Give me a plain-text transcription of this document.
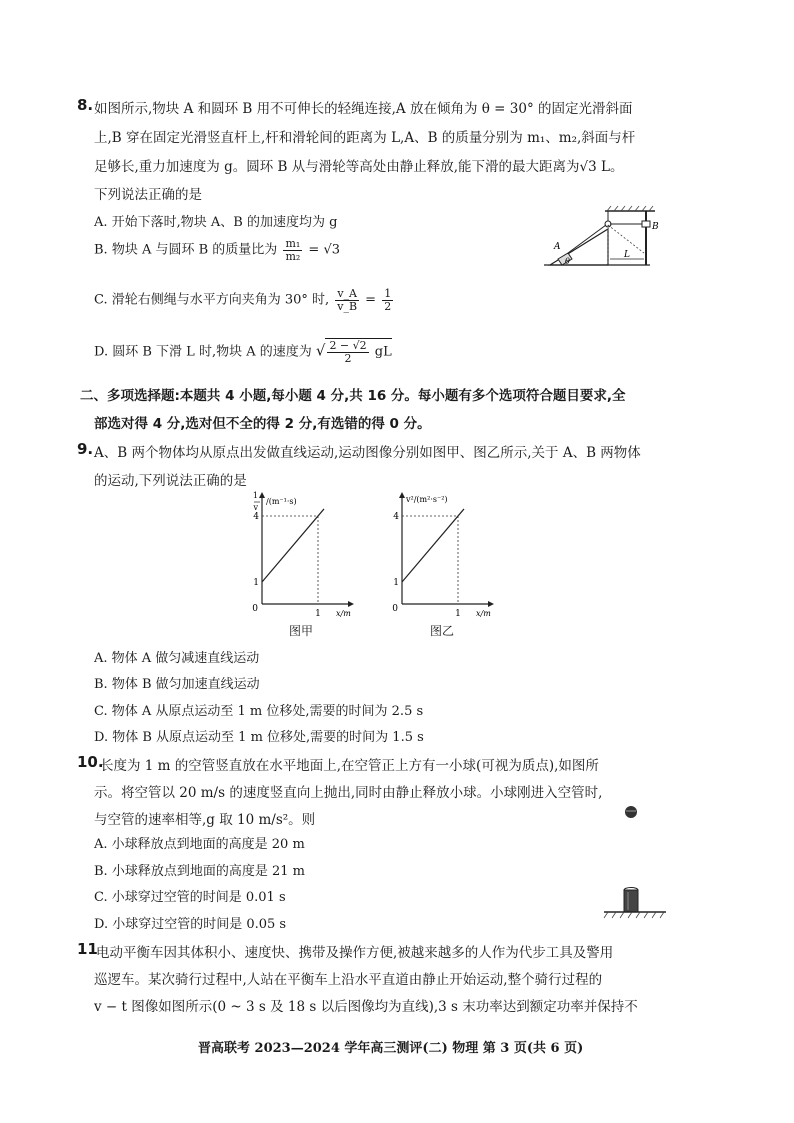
8. 如图所示,物块 A 和圆环 B 用不可伸长的轻绳连接,A 放在倾角为 θ = 30° 的固定光滑斜面
上,B 穿在固定光滑竖直杆上,杆和滑轮间的距离为 L,A、B 的质量分别为 m₁、m₂,斜面与杆
足够长,重力加速度为 g。圆环 B 从与滑轮等高处由静止释放,能下滑的最大距离为√3 L。
下列说法正确的是
A. 开始下落时,物块 A、B 的加速度均为 g
B. 物块 A 与圆环 B 的质量比为 $\frac{\text{m₁}}{\text{m₂}} = √3$
C. 滑轮右侧绳与水平方向夹角为 30° 时, $\frac{v\_A}{v\_B} = \frac{1}{2}$
D. 圆环 B 下滑 L 时,物块 A 的速度为 √ $\frac{2 - √2}{2}$ gL
A
B
θ
L
二、多项选择题:本题共 4 小题,每小题 4 分,共 16 分。每小题有多个选项符合题目要求,全
部选对得 4 分,选对但不全的得 2 分,有选错的得 0 分。
9. A、B 两个物体均从原点出发做直线运动,运动图像分别如图甲、图乙所示,关于 A、B 两物体
的运动,下列说法正确的是
4
1
1
1
v
/(m⁻¹·s)
0	x/m
图甲
4
1
1
v²/(m²·s⁻²)
0	x/m
图乙
A. 物体 A 做匀减速直线运动
B. 物体 B 做匀加速直线运动
C. 物体 A 从原点运动至 1 m 位移处,需要的时间为 2.5 s
D. 物体 B 从原点运动至 1 m 位移处,需要的时间为 1.5 s
10.
长度为 1 m 的空管竖直放在水平地面上,在空管正上方有一小球(可视为质点),如图所
示。将空管以 20 m/s 的速度竖直向上抛出,同时由静止释放小球。小球刚进入空管时,
与空管的速率相等,g 取 10 m/s²。则
A. 小球释放点到地面的高度是 20 m
B. 小球释放点到地面的高度是 21 m
C. 小球穿过空管的时间是 0.01 s
D. 小球穿过空管的时间是 0.05 s
11
电动平衡车因其体积小、速度快、携带及操作方便,被越来越多的人作为代步工具及警用
巡逻车。某次骑行过程中,人站在平衡车上沿水平直道由静止开始运动,整个骑行过程的
v − t 图像如图所示(0 ~ 3 s 及 18 s 以后图像均为直线),3 s 末功率达到额定功率并保持不
晋高联考 2023—2024 学年高三测评(二) 物理 第 3 页(共 6 页)
